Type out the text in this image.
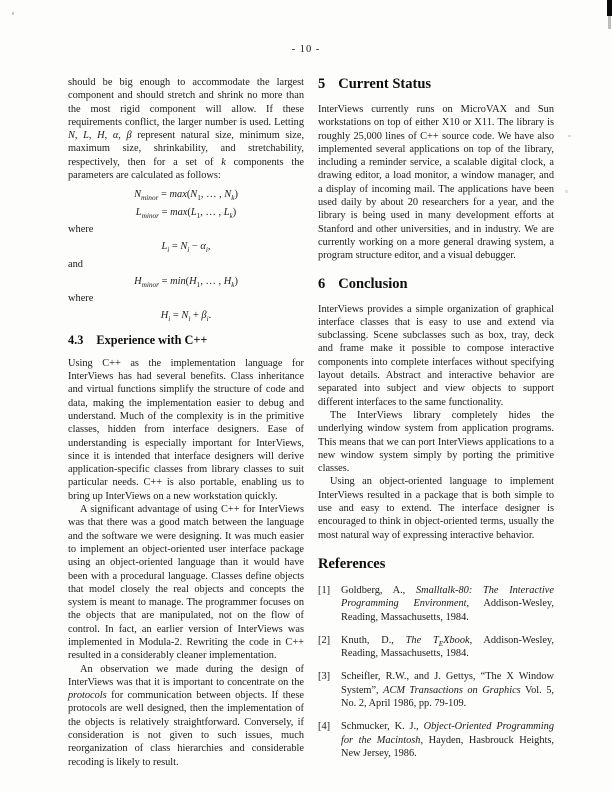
- 10 -

should be big enough to accommodate the largest component and should stretch and shrink no more than the most rigid component will allow. If these requirements conflict, the larger number is used. Letting N, L, H, α, β represent natural size, minimum size, maximum size, shrinkability, and stretchability, respectively, then for a set of k components the parameters are calculated as follows:

$N_{minor} = \max(N_1$, … , $N_k$)
$L_{minor} = \max(L_1$, … , $L_k$)
where
$L_i = N_i - \alpha_i$,
and
$H_{minor} = \min(H_1$, … , $H_k$)
where
$H_i = N_i + \beta_i$.
4.3 Experience with C++

Using C++ as the implementation language for InterViews has had several benefits. Class inheritance and virtual functions simplify the structure of code and data, making the implementation easier to debug and understand. Much of the complexity is in the primitive classes, hidden from interface designers. Ease of understanding is especially important for InterViews, since it is intended that interface designers will derive application-specific classes from library classes to suit particular needs. C++ is also portable, enabling us to bring up InterViews on a new workstation quickly.

A significant advantage of using C++ for InterViews was that there was a good match between the language and the software we were designing. It was much easier to implement an object-oriented user interface package using an object-oriented language than it would have been with a procedural language. Classes define objects that model closely the real objects and concepts the system is meant to manage. The programmer focuses on the objects that are manipulated, not on the flow of control. In fact, an earlier version of InterViews was implemented in Modula-2. Rewriting the code in C++ resulted in a considerably cleaner implementation.

An observation we made during the design of InterViews was that it is important to concentrate on the protocols for communication between objects. If these protocols are well designed, then the implementation of the objects is relatively straightforward. Conversely, if consideration is not given to such issues, much reorganization of class hierarchies and considerable recoding is likely to result.

5 Current Status

InterViews currently runs on MicroVAX and Sun workstations on top of either X10 or X11. The library is roughly 25,000 lines of C++ source code. We have also implemented several applications on top of the library, including a reminder service, a scalable digital clock, a drawing editor, a load monitor, a window manager, and a display of incoming mail. The applications have been used daily by about 20 researchers for a year, and the library is being used in many development efforts at Stanford and other universities, and in industry. We are currently working on a more general drawing system, a program structure editor, and a visual debugger.

6 Conclusion

InterViews provides a simple organization of graphical interface classes that is easy to use and extend via subclassing. Scene subclasses such as box, tray, deck and frame make it possible to compose interactive components into complete interfaces without specifying layout details. Abstract and interactive behavior are separated into subject and view objects to support different interfaces to the same functionality.

The InterViews library completely hides the underlying window system from application programs. This means that we can port InterViews applications to a new window system simply by porting the primitive classes.

Using an object-oriented language to implement InterViews resulted in a package that is both simple to use and easy to extend. The interface designer is encouraged to think in object-oriented terms, usually the most natural way of expressing interactive behavior.

References
[1] Goldberg, A., Smalltalk-80: The Interactive Programming Environment, Addison-Wesley, Reading, Massachusetts, 1984.
[2] Knuth, D., The $T_EXbook$, Addison-Wesley, Reading, Massachusetts, 1984.
[3] Scheifler, R.W., and J. Gettys, “The X Window System”, ACM Transactions on Graphics Vol. 5, No. 2, April 1986, pp. 79-109.
[4] Schmucker, K. J., Object-Oriented Programming for the Macintosh, Hayden, Hasbrouck Heights, New Jersey, 1986.
